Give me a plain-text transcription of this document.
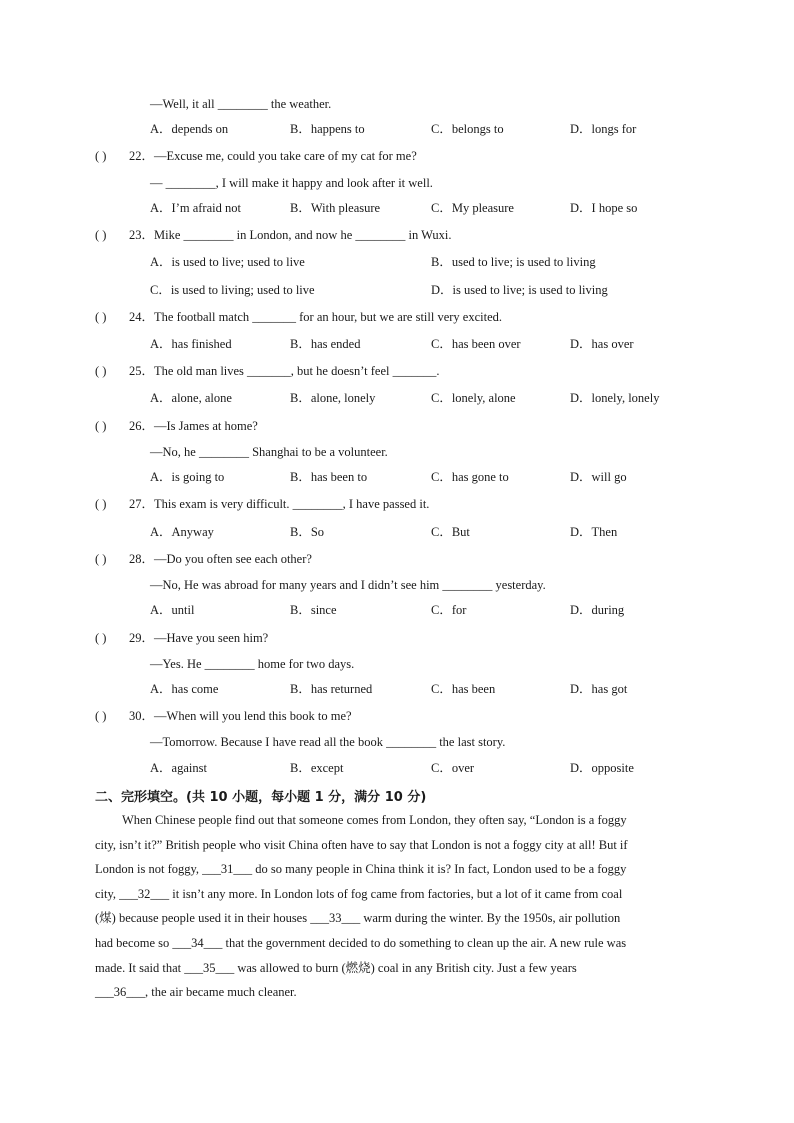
—Well, it all ________ the weather.
A．depends on	B．happens to	C．belongs to	D．longs for
( ) 22．—Excuse me, could you take care of my cat for me?
— ________, I will make it happy and look after it well.
A．I’m afraid not	B．With pleasure	C．My pleasure	D．I hope so
( ) 23．Mike ________ in London, and now he ________ in Wuxi.
A．is used to live; used to live	B．used to live; is used to living
C．is used to living; used to live	D．is used to live; is used to living
( ) 24．The football match _______ for an hour, but we are still very excited.
A．has finished	B．has ended	C．has been over	D．has over
( ) 25．The old man lives _______, but he doesn’t feel _______.
A．alone, alone	B．alone, lonely	C．lonely, alone	D．lonely, lonely
( ) 26．—Is James at home?
—No, he ________ Shanghai to be a volunteer.
A．is going to	B．has been to	C．has gone to	D．will go
( ) 27．This exam is very difficult. ________, I have passed it.
A．Anyway	B．So	C．But	D．Then
( ) 28．—Do you often see each other?
—No, He was abroad for many years and I didn’t see him ________ yesterday.
A．until	B．since	C．for	D．during
( ) 29．—Have you seen him?
—Yes. He ________ home for two days.
A．has come	B．has returned	C．has been	D．has got
( ) 30．—When will you lend this book to me?
—Tomorrow. Because I have read all the book ________ the last story.
A．against	B．except	C．over	D．opposite
二、完形填空。(共 10 小题，每小题 1 分，满分 10 分)
When Chinese people find out that someone comes from London, they often say, “London is a foggy
city, isn’t it?” British people who visit China often have to say that London is not a foggy city at all! But if
London is not foggy, ___31___ do so many people in China think it is? In fact, London used to be a foggy
city, ___32___ it isn’t any more. In London lots of fog came from factories, but a lot of it came from coal
(煤) because people used it in their houses ___33___ warm during the winter. By the 1950s, air pollution
had become so ___34___ that the government decided to do something to clean up the air. A new rule was
made. It said that ___35___ was allowed to burn (燃烧) coal in any British city. Just a few years
___36___, the air became much cleaner.
